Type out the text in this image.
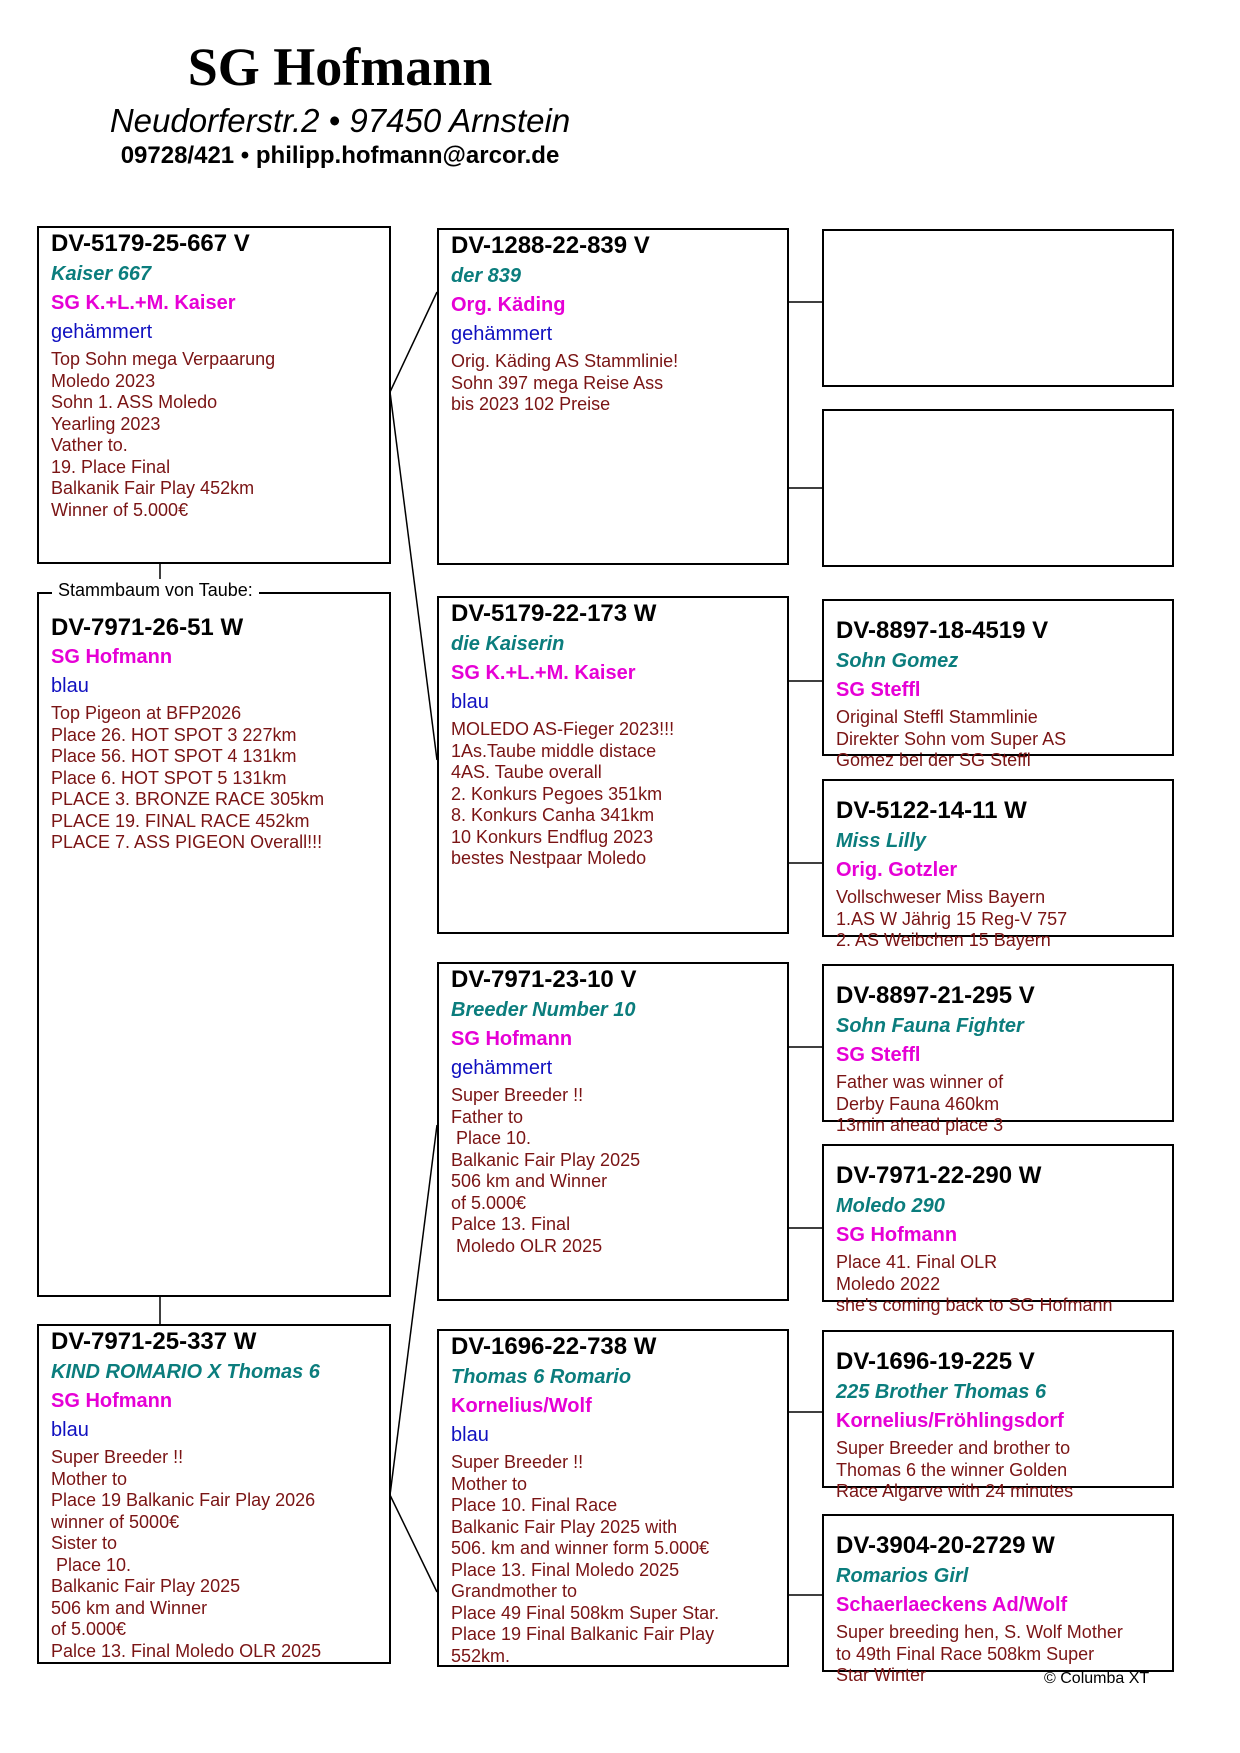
SG Hofmann
Neudorferstr.2 • 97450 Arnstein
09728/421 • philipp.hofmann@arcor.de
DV-5179-25-667 V
Kaiser 667
SG K.+L.+M. Kaiser
gehämmert
Top Sohn mega Verpaarung
Moledo 2023
Sohn 1. ASS Moledo
Yearling 2023
Vather to.
19. Place Final
Balkanik Fair Play 452km
Winner of 5.000€
DV-7971-26-51 W
SG Hofmann
blau
Top Pigeon at BFP2026
Place 26. HOT SPOT 3 227km
Place 56. HOT SPOT 4 131km
Place 6. HOT SPOT 5 131km
PLACE 3. BRONZE RACE 305km
PLACE 19. FINAL RACE 452km
PLACE 7. ASS PIGEON Overall!!!
Stammbaum von Taube:
DV-7971-25-337 W
KIND ROMARIO X Thomas 6
SG Hofmann
blau
Super Breeder !!
Mother to
Place 19 Balkanic Fair Play 2026
winner of 5000€
Sister to
Place 10.
Balkanic Fair Play 2025
506 km and Winner
of 5.000€
Palce 13. Final Moledo OLR 2025
DV-1288-22-839 V
der 839
Org. Käding
gehämmert
Orig. Käding AS Stammlinie!
Sohn 397 mega Reise Ass
bis 2023 102 Preise
DV-5179-22-173 W
die Kaiserin
SG K.+L.+M. Kaiser
blau
MOLEDO AS-Fieger 2023!!!
1As.Taube middle distace
4AS. Taube overall
2. Konkurs Pegoes 351km
8. Konkurs Canha 341km
10 Konkurs Endflug 2023
bestes Nestpaar Moledo
DV-7971-23-10 V
Breeder Number 10
SG Hofmann
gehämmert
Super Breeder !!
Father to
Place 10.
Balkanic Fair Play 2025
506 km and Winner
of 5.000€
Palce 13. Final
Moledo OLR 2025
DV-1696-22-738 W
Thomas 6 Romario
Kornelius/Wolf
blau
Super Breeder !!
Mother to
Place 10. Final Race
Balkanic Fair Play 2025 with
506. km and winner form 5.000€
Place 13. Final Moledo 2025
Grandmother to
Place 49 Final 508km Super Star.
Place 19 Final Balkanic Fair Play
552km.
DV-8897-18-4519 V
Sohn Gomez
SG Steffl
Original Steffl Stammlinie
Direkter Sohn vom Super AS
Gomez bei der SG Steffl
DV-5122-14-11 W
Miss Lilly
Orig. Gotzler
Vollschweser Miss Bayern
1.AS W Jährig 15 Reg-V 757
2. AS Weibchen 15 Bayern
DV-8897-21-295 V
Sohn Fauna Fighter
SG Steffl
Father was winner of
Derby Fauna 460km
13min ahead place 3
DV-7971-22-290 W
Moledo 290
SG Hofmann
Place 41. Final OLR
Moledo 2022
she's coming back to SG Hofmann
DV-1696-19-225 V
225 Brother Thomas 6
Kornelius/Fröhlingsdorf
Super Breeder and brother to
Thomas 6 the winner Golden
Race Algarve with 24 minutes
DV-3904-20-2729 W
Romarios Girl
Schaerlaeckens Ad/Wolf
Super breeding hen, S. Wolf Mother
to 49th Final Race 508km Super
Star Winter	© Columba XT
